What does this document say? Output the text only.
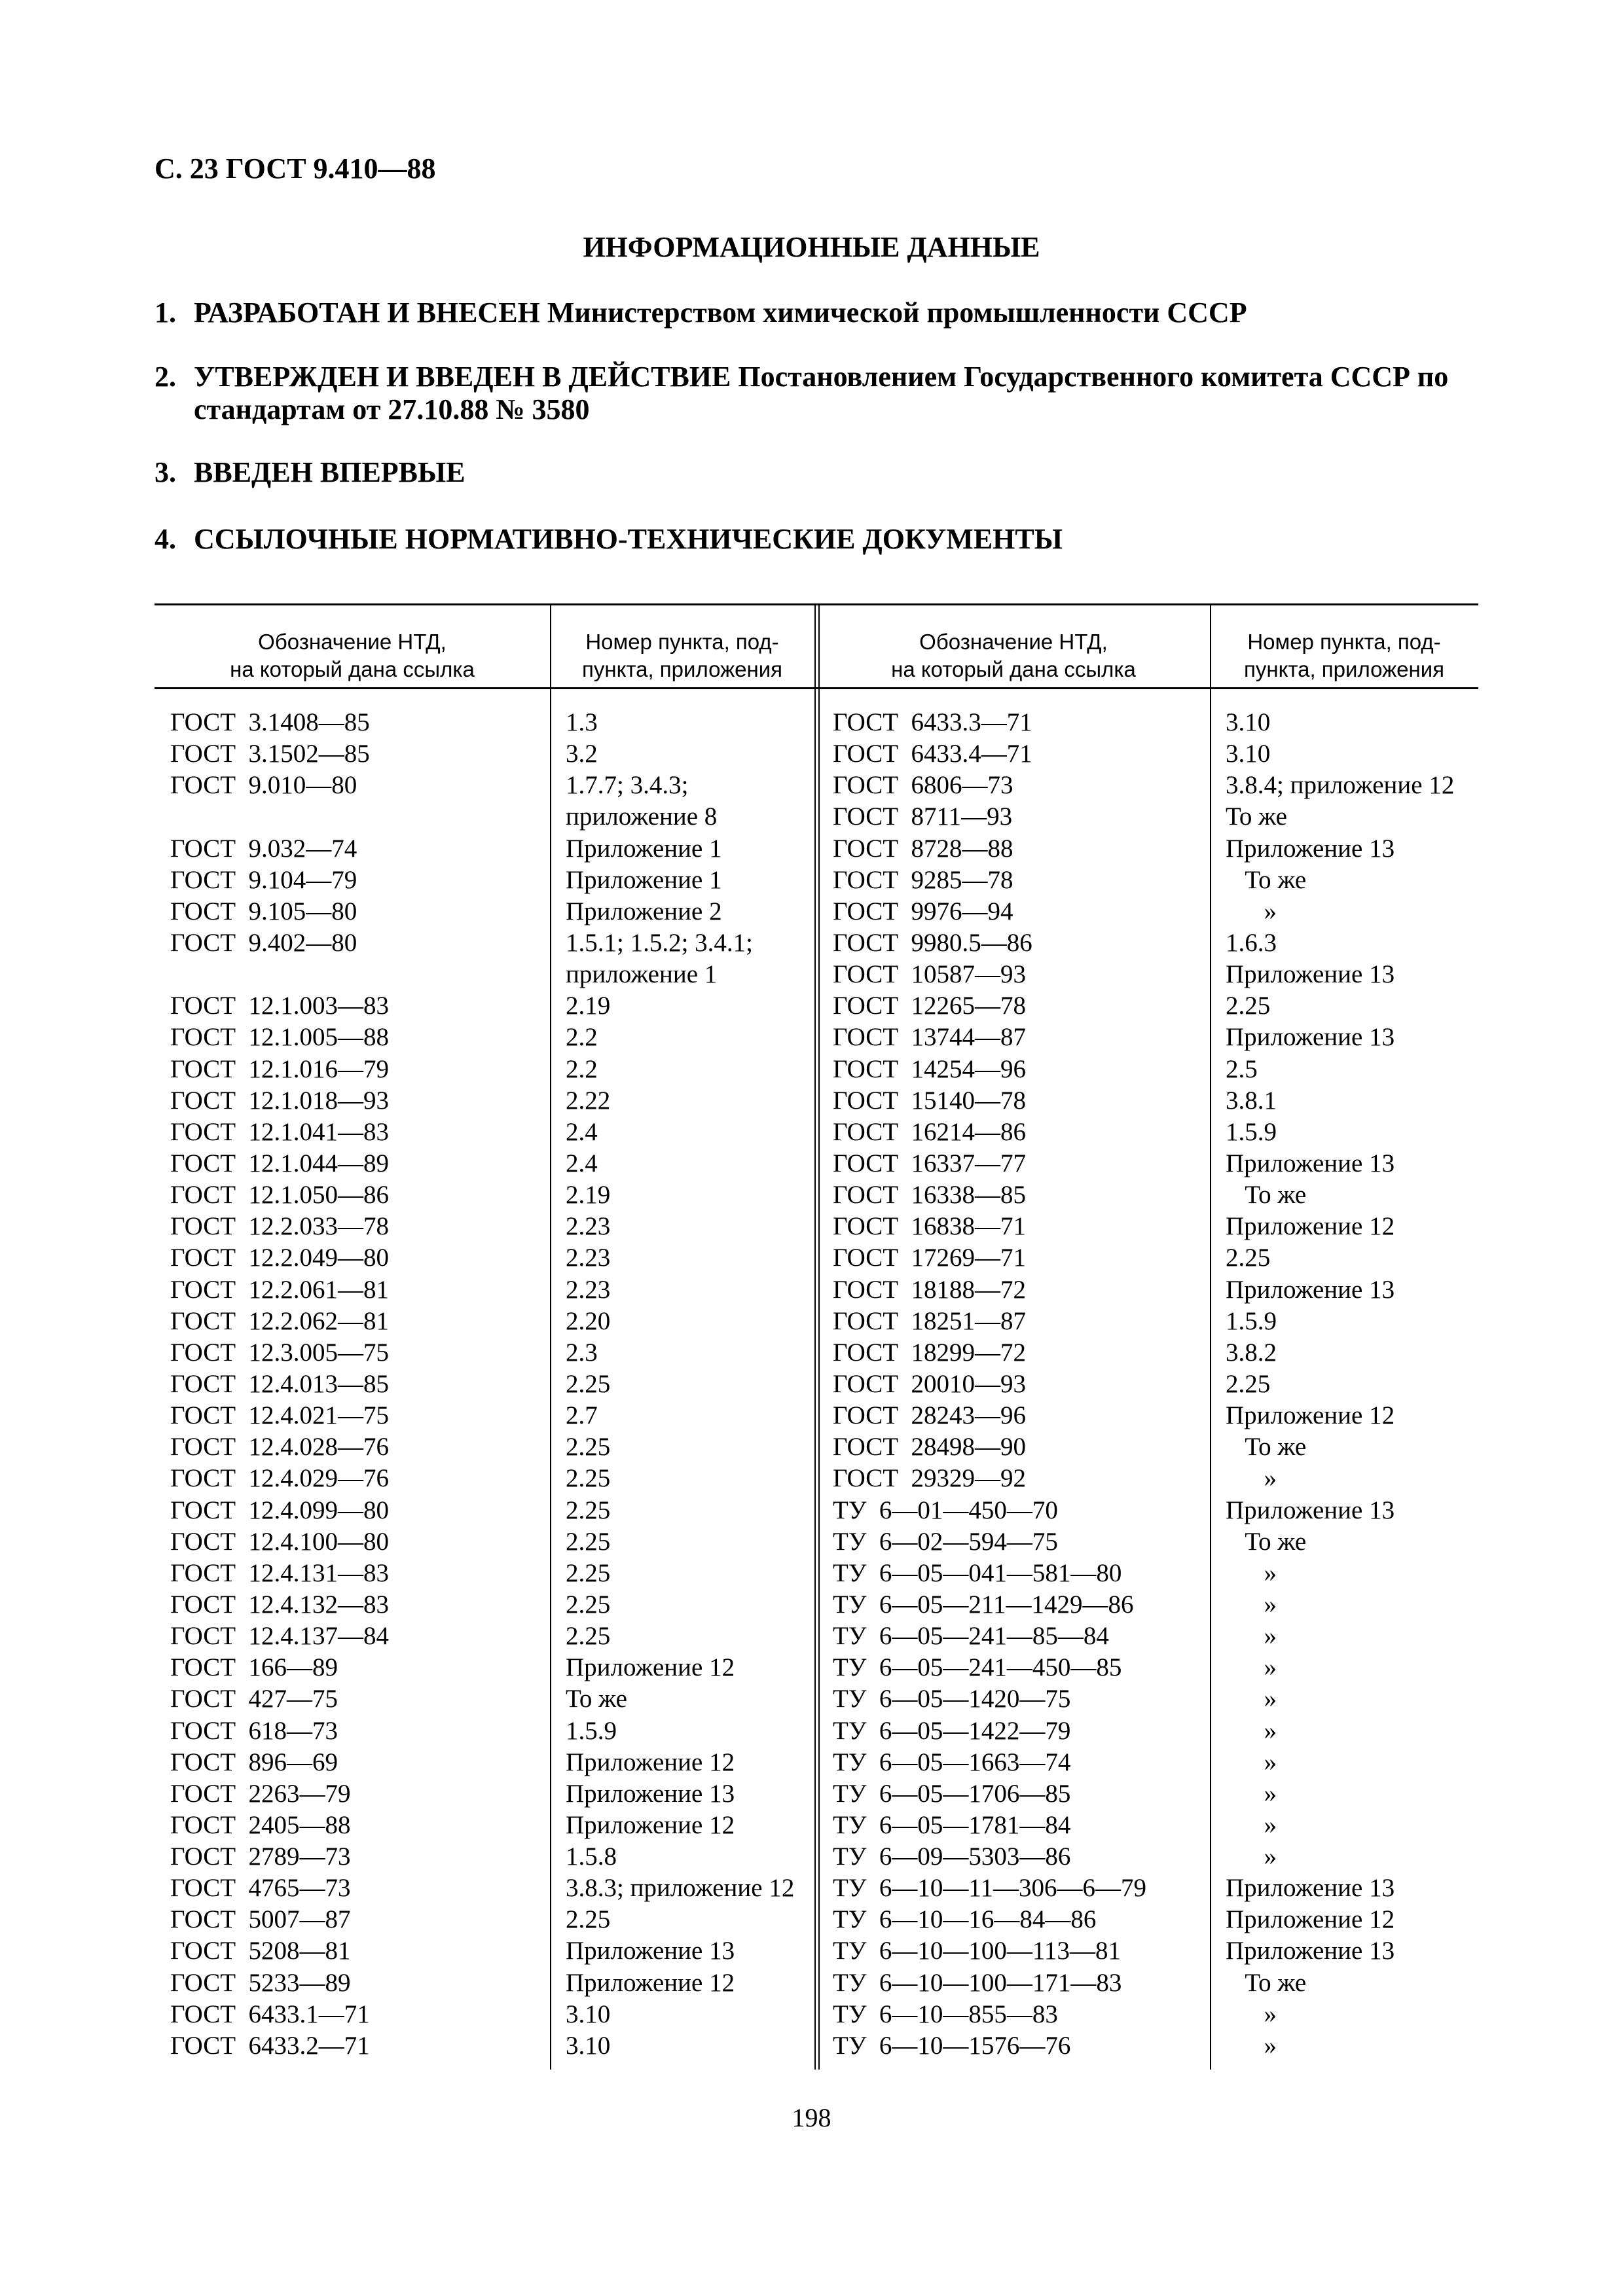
С. 23 ГОСТ 9.410—88
ИНФОРМАЦИОННЫЕ ДАННЫЕ
1. РАЗРАБОТАН И ВНЕСЕН Министерством химической промышленности СССР
2. УТВЕРЖДЕН И ВВЕДЕН В ДЕЙСТВИЕ Постановлением Государственного комитета СССР по
стандартам от 27.10.88 № 3580
3. ВВЕДЕН ВПЕРВЫЕ
4. ССЫЛОЧНЫЕ НОРМАТИВНО-ТЕХНИЧЕСКИЕ ДОКУМЕНТЫ
Обозначение НТД,
на который дана ссылка
Номер пункта, под-
пункта, приложения
Обозначение НТД,
на который дана ссылка
Номер пункта, под-
пункта, приложения
ГОСТ  3.1408—85
ГОСТ  3.1502—85
ГОСТ  9.010—80
ГОСТ  9.032—74
ГОСТ  9.104—79
ГОСТ  9.105—80
ГОСТ  9.402—80
ГОСТ  12.1.003—83
ГОСТ  12.1.005—88
ГОСТ  12.1.016—79
ГОСТ  12.1.018—93
ГОСТ  12.1.041—83
ГОСТ  12.1.044—89
ГОСТ  12.1.050—86
ГОСТ  12.2.033—78
ГОСТ  12.2.049—80
ГОСТ  12.2.061—81
ГОСТ  12.2.062—81
ГОСТ  12.3.005—75
ГОСТ  12.4.013—85
ГОСТ  12.4.021—75
ГОСТ  12.4.028—76
ГОСТ  12.4.029—76
ГОСТ  12.4.099—80
ГОСТ  12.4.100—80
ГОСТ  12.4.131—83
ГОСТ  12.4.132—83
ГОСТ  12.4.137—84
ГОСТ  166—89
ГОСТ  427—75
ГОСТ  618—73
ГОСТ  896—69
ГОСТ  2263—79
ГОСТ  2405—88
ГОСТ  2789—73
ГОСТ  4765—73
ГОСТ  5007—87
ГОСТ  5208—81
ГОСТ  5233—89
ГОСТ  6433.1—71
ГОСТ  6433.2—71
1.3
3.2
1.7.7; 3.4.3;
приложение 8
Приложение 1
Приложение 1
Приложение 2
1.5.1; 1.5.2; 3.4.1;
приложение 1
2.19
2.2
2.2
2.22
2.4
2.4
2.19
2.23
2.23
2.23
2.20
2.3
2.25
2.7
2.25
2.25
2.25
2.25
2.25
2.25
2.25
Приложение 12
То же
1.5.9
Приложение 12
Приложение 13
Приложение 12
1.5.8
3.8.3; приложение 12
2.25
Приложение 13
Приложение 12
3.10
3.10
ГОСТ  6433.3—71
ГОСТ  6433.4—71
ГОСТ  6806—73
ГОСТ  8711—93
ГОСТ  8728—88
ГОСТ  9285—78
ГОСТ  9976—94
ГОСТ  9980.5—86
ГОСТ  10587—93
ГОСТ  12265—78
ГОСТ  13744—87
ГОСТ  14254—96
ГОСТ  15140—78
ГОСТ  16214—86
ГОСТ  16337—77
ГОСТ  16338—85
ГОСТ  16838—71
ГОСТ  17269—71
ГОСТ  18188—72
ГОСТ  18251—87
ГОСТ  18299—72
ГОСТ  20010—93
ГОСТ  28243—96
ГОСТ  28498—90
ГОСТ  29329—92
ТУ  6—01—450—70
ТУ  6—02—594—75
ТУ  6—05—041—581—80
ТУ  6—05—211—1429—86
ТУ  6—05—241—85—84
ТУ  6—05—241—450—85
ТУ  6—05—1420—75
ТУ  6—05—1422—79
ТУ  6—05—1663—74
ТУ  6—05—1706—85
ТУ  6—05—1781—84
ТУ  6—09—5303—86
ТУ  6—10—11—306—6—79
ТУ  6—10—16—84—86
ТУ  6—10—100—113—81
ТУ  6—10—100—171—83
ТУ  6—10—855—83
ТУ  6—10—1576—76
3.10
3.10
3.8.4; приложение 12
То же
Приложение 13
То же
»
1.6.3
Приложение 13
2.25
Приложение 13
2.5
3.8.1
1.5.9
Приложение 13
То же
Приложение 12
2.25
Приложение 13
1.5.9
3.8.2
2.25
Приложение 12
То же
»
Приложение 13
То же
»
»
»
»
»
»
»
»
»
»
Приложение 13
Приложение 12
Приложение 13
То же
»
»
198
